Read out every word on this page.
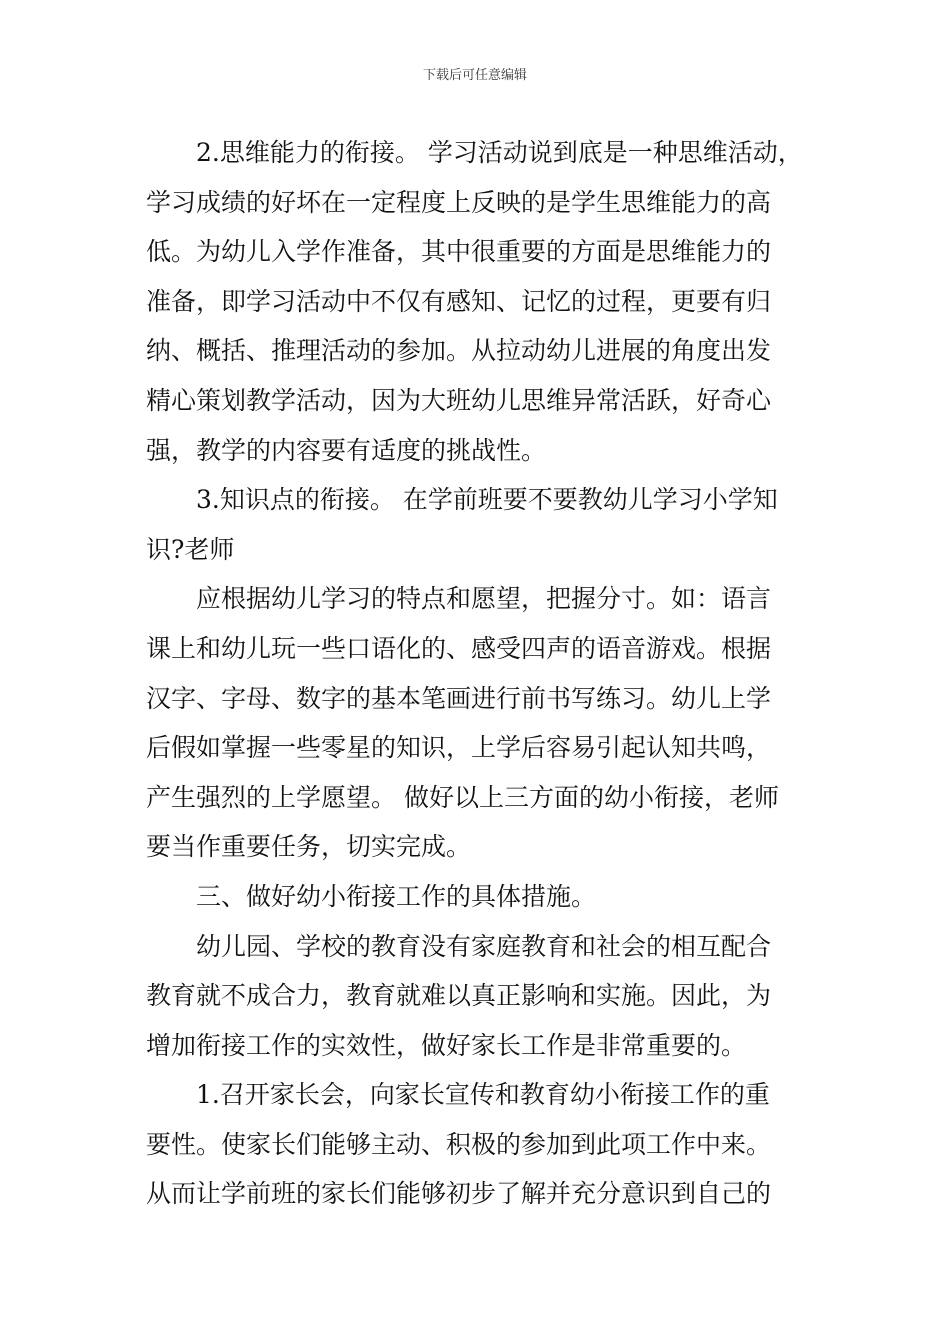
下载后可任意编辑
2.思维能力的衔接。 学习活动说到底是一种思维活动，
学习成绩的好坏在一定程度上反映的是学生思维能力的高
低。为幼儿入学作准备，其中很重要的方面是思维能力的
准备，即学习活动中不仅有感知、记忆的过程，更要有归
纳、概括、推理活动的参加。从拉动幼儿进展的角度出发
精心策划教学活动，因为大班幼儿思维异常活跃，好奇心
强，教学的内容要有适度的挑战性。
3.知识点的衔接。 在学前班要不要教幼儿学习小学知
识?老师
应根据幼儿学习的特点和愿望，把握分寸。如：语言
课上和幼儿玩一些口语化的、感受四声的语音游戏。根据
汉字、字母、数字的基本笔画进行前书写练习。幼儿上学
后假如掌握一些零星的知识，上学后容易引起认知共鸣，
产生强烈的上学愿望。 做好以上三方面的幼小衔接，老师
要当作重要任务，切实完成。
三、做好幼小衔接工作的具体措施。
幼儿园、学校的教育没有家庭教育和社会的相互配合
教育就不成合力，教育就难以真正影响和实施。因此，为
增加衔接工作的实效性，做好家长工作是非常重要的。
1.召开家长会，向家长宣传和教育幼小衔接工作的重
要性。使家长们能够主动、积极的参加到此项工作中来。
从而让学前班的家长们能够初步了解并充分意识到自己的
